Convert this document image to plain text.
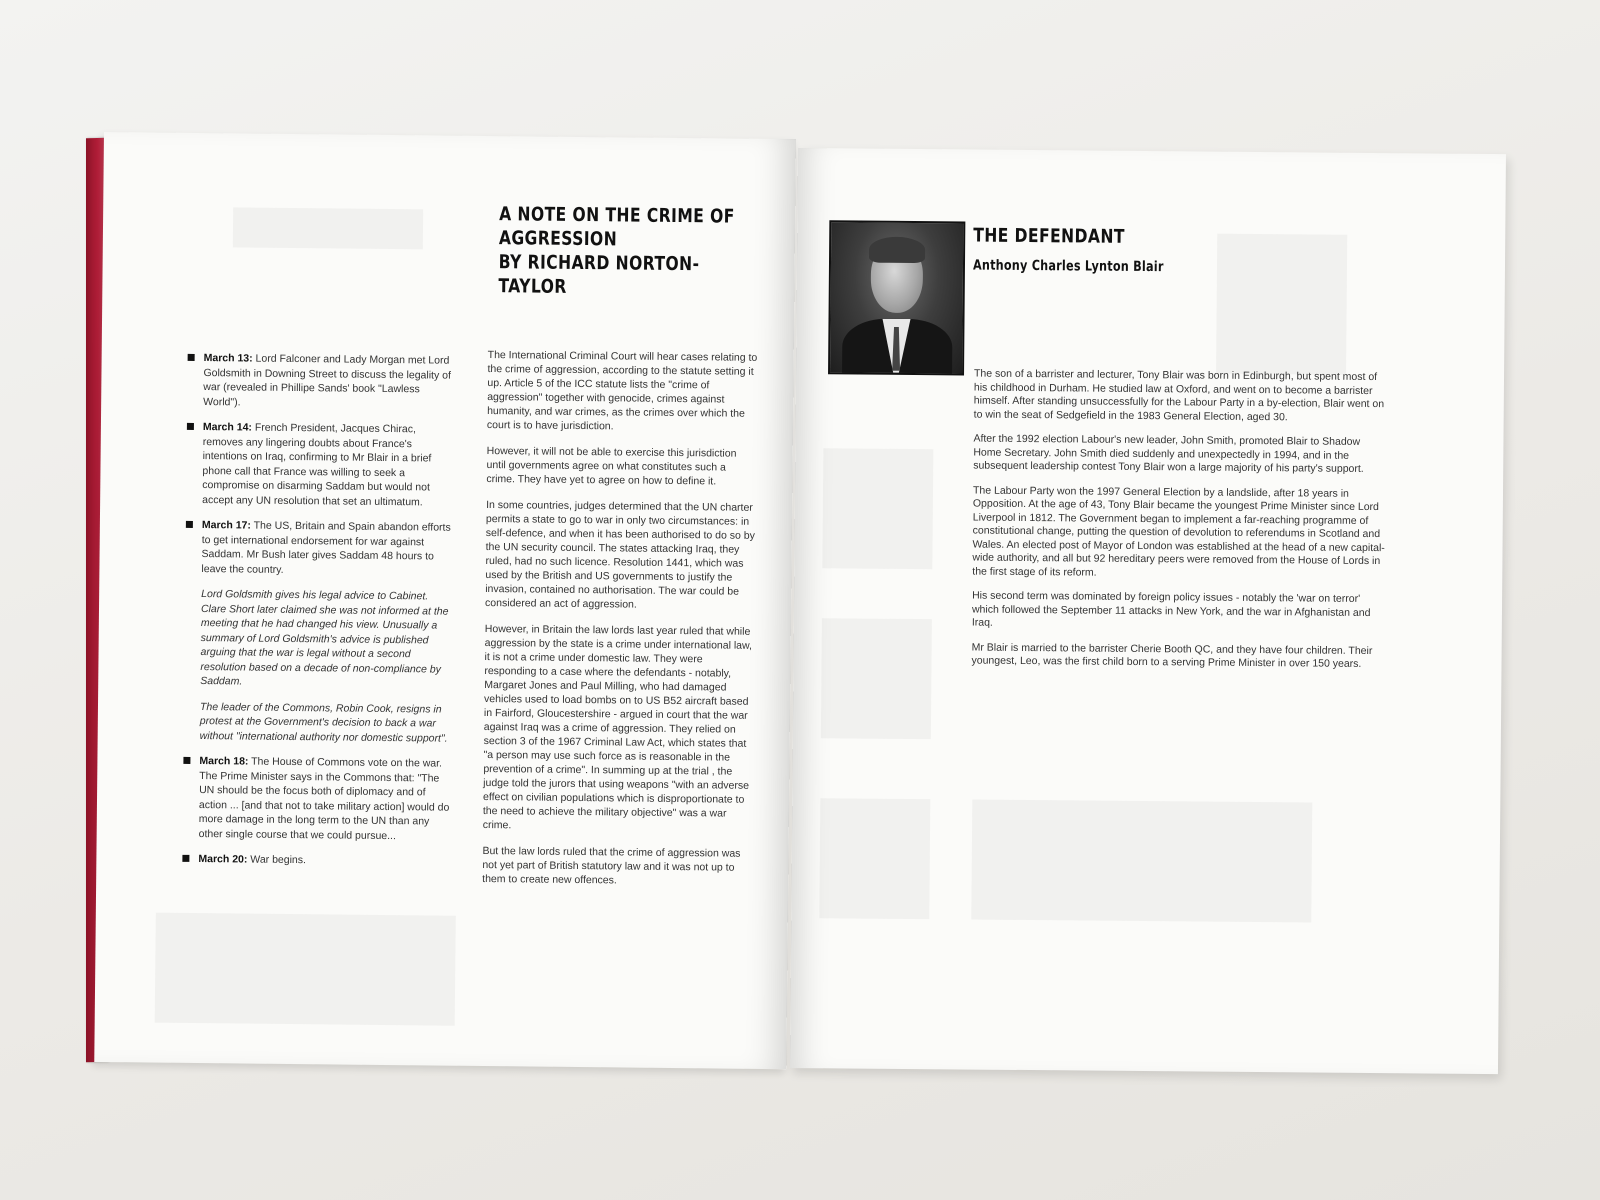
A NOTE ON THE CRIME OF
AGGRESSION
BY RICHARD NORTON-TAYLOR
March 13: Lord Falconer and Lady Morgan met Lord Goldsmith in Downing Street to discuss the legality of war (revealed in Phillipe Sands' book "Lawless World").
March 14: French President, Jacques Chirac, removes any lingering doubts about France's intentions on Iraq, confirming to Mr Blair in a brief phone call that France was willing to seek a compromise on disarming Saddam but would not accept any UN resolution that set an ultimatum.
March 17: The US, Britain and Spain abandon efforts to get international endorsement for war against Saddam. Mr Bush later gives Saddam 48 hours to leave the country.
Lord Goldsmith gives his legal advice to Cabinet. Clare Short later claimed she was not informed at the meeting that he had changed his view. Unusually a summary of Lord Goldsmith's advice is published arguing that the war is legal without a second resolution based on a decade of non-compliance by Saddam.
The leader of the Commons, Robin Cook, resigns in protest at the Government's decision to back a war without "international authority nor domestic support".
March 18: The House of Commons vote on the war. The Prime Minister says in the Commons that: "The UN should be the focus both of diplomacy and of action ... [and that not to take military action] would do more damage in the long term to the UN than any other single course that we could pursue...
March 20: War begins.

The International Criminal Court will hear cases relating to the crime of aggression, according to the statute setting it up. Article 5 of the ICC statute lists the "crime of aggression" together with genocide, crimes against humanity, and war crimes, as the crimes over which the court is to have jurisdiction.

However, it will not be able to exercise this jurisdiction until governments agree on what constitutes such a crime. They have yet to agree on how to define it.

In some countries, judges determined that the UN charter permits a state to go to war in only two circumstances: in self-defence, and when it has been authorised to do so by the UN security council. The states attacking Iraq, they ruled, had no such licence. Resolution 1441, which was used by the British and US governments to justify the invasion, contained no authorisation. The war could be considered an act of aggression.

However, in Britain the law lords last year ruled that while aggression by the state is a crime under international law, it is not a crime under domestic law. They were responding to a case where the defendants - notably, Margaret Jones and Paul Milling, who had damaged vehicles used to load bombs on to US B52 aircraft based in Fairford, Gloucestershire - argued in court that the war against Iraq was a crime of aggression. They relied on section 3 of the 1967 Criminal Law Act, which states that "a person may use such force as is reasonable in the prevention of a crime". In summing up at the trial , the judge told the jurors that using weapons "with an adverse effect on civilian populations which is disproportionate to the need to achieve the military objective" was a war crime.

But the law lords ruled that the crime of aggression was not yet part of British statutory law and it was not up to them to create new offences.

THE DEFENDANT
Anthony Charles Lynton Blair

The son of a barrister and lecturer, Tony Blair was born in Edinburgh, but spent most of his childhood in Durham. He studied law at Oxford, and went on to become a barrister himself. After standing unsuccessfully for the Labour Party in a by-election, Blair went on to win the seat of Sedgefield in the 1983 General Election, aged 30.

After the 1992 election Labour's new leader, John Smith, promoted Blair to Shadow Home Secretary. John Smith died suddenly and unexpectedly in 1994, and in the subsequent leadership contest Tony Blair won a large majority of his party's support.

The Labour Party won the 1997 General Election by a landslide, after 18 years in Opposition. At the age of 43, Tony Blair became the youngest Prime Minister since Lord Liverpool in 1812. The Government began to implement a far-reaching programme of constitutional change, putting the question of devolution to referendums in Scotland and Wales. An elected post of Mayor of London was established at the head of a new capital-wide authority, and all but 92 hereditary peers were removed from the House of Lords in the first stage of its reform.

His second term was dominated by foreign policy issues - notably the 'war on terror' which followed the September 11 attacks in New York, and the war in Afghanistan and Iraq.

Mr Blair is married to the barrister Cherie Booth QC, and they have four children. Their youngest, Leo, was the first child born to a serving Prime Minister in over 150 years.
